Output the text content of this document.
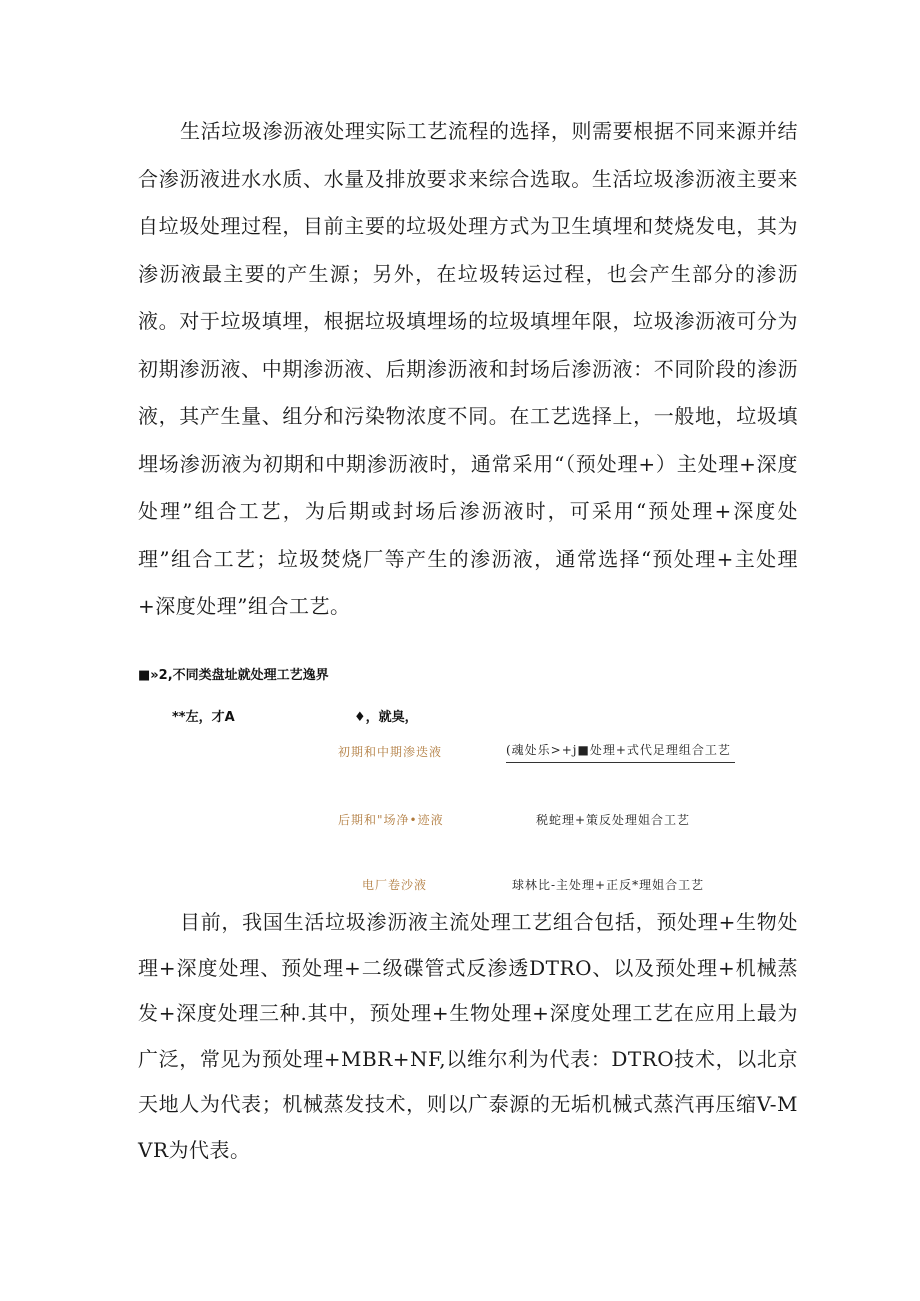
生活垃圾渗沥液处理实际工艺流程的选择，则需要根据不同来源并结合渗沥液进水水质、水量及排放要求来综合选取。生活垃圾渗沥液主要来自垃圾处理过程，目前主要的垃圾处理方式为卫生填埋和焚烧发电，其为渗沥液最主要的产生源；另外，在垃圾转运过程，也会产生部分的渗沥液。对于垃圾填埋，根据垃圾填埋场的垃圾填埋年限，垃圾渗沥液可分为初期渗沥液、中期渗沥液、后期渗沥液和封场后渗沥液：不同阶段的渗沥液，其产生量、组分和污染物浓度不同。在工艺选择上，一般地，垃圾填埋场渗沥液为初期和中期渗沥液时，通常采用“（预处理+）主处理+深度处理”组合工艺，为后期或封场后渗沥液时，可采用“预处理+深度处理”组合工艺；垃圾焚烧厂等产生的渗沥液，通常选择“预处理+主处理+深度处理”组合工艺。

■»2,不同类盘址就处理工艺逸界
**左，才A	♦，就臭，
初期和中期渗迭液	(魂处乐>+j■处理+式代足理组合工艺
后期和"场净•迹液	税蛇理+策反处理姐合工艺
电厂卷沙液	球林比-主处理+正反*理姐合工艺

目前，我国生活垃圾渗沥液主流处理工艺组合包括，预处理+生物处理+深度处理、预处理+二级碟管式反渗透DTRO、以及预处理+机械蒸发+深度处理三种.其中，预处理+生物处理+深度处理工艺在应用上最为广泛，常见为预处理+MBR+NF,以维尔利为代表：DTRO技术，以北京天地人为代表；机械蒸发技术，则以广泰源的无垢机械式蒸汽再压缩V-MVR为代表。
